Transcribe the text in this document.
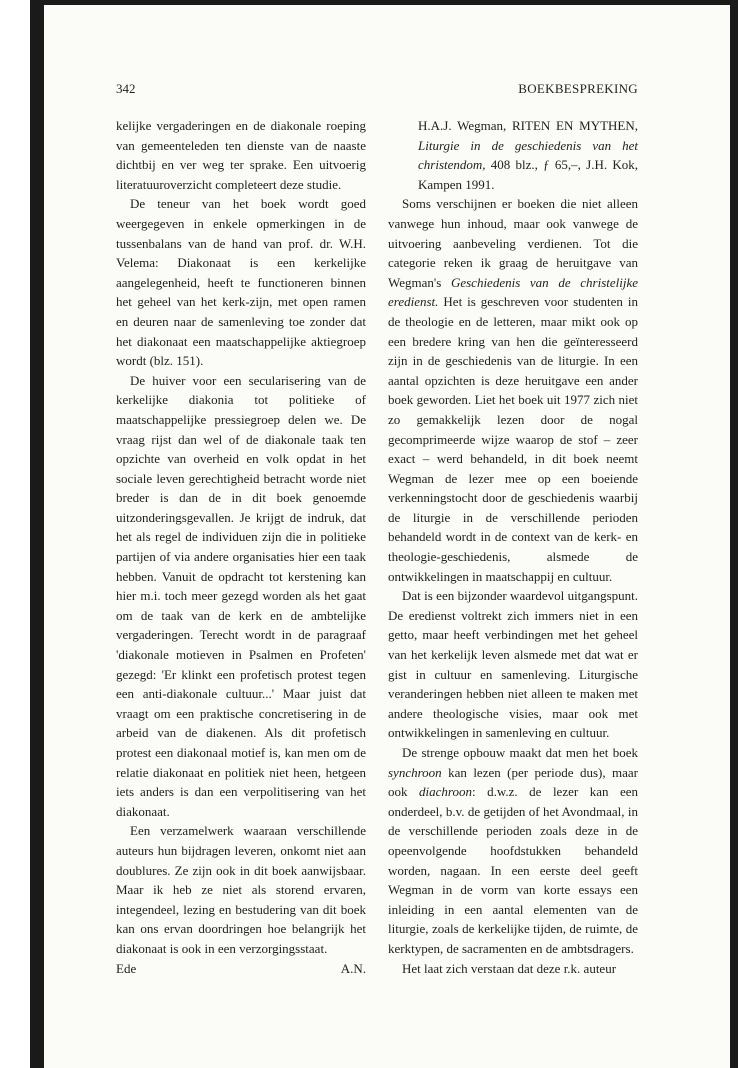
342	BOEKBESPREKING

kelijke vergaderingen en de diakonale roeping van gemeenteleden ten dienste van de naaste dichtbij en ver weg ter sprake. Een uitvoerig literatuuroverzicht completeert deze studie.

De teneur van het boek wordt goed weergegeven in enkele opmerkingen in de tussenbalans van de hand van prof. dr. W.H. Velema: Diakonaat is een kerkelijke aangelegenheid, heeft te functioneren binnen het geheel van het kerk-zijn, met open ramen en deuren naar de samenleving toe zonder dat het diakonaat een maatschappelijke aktiegroep wordt (blz. 151).

De huiver voor een secularisering van de kerkelijke diakonia tot politieke of maatschappelijke pressiegroep delen we. De vraag rijst dan wel of de diakonale taak ten opzichte van overheid en volk opdat in het sociale leven gerechtigheid betracht worde niet breder is dan de in dit boek genoemde uitzonderingsgevallen. Je krijgt de indruk, dat het als regel de individuen zijn die in politieke partijen of via andere organisaties hier een taak hebben. Vanuit de opdracht tot kerstening kan hier m.i. toch meer gezegd worden als het gaat om de taak van de kerk en de ambtelijke vergaderingen. Terecht wordt in de paragraaf 'diakonale motieven in Psalmen en Profeten' gezegd: 'Er klinkt een profetisch protest tegen een anti-diakonale cultuur...' Maar juist dat vraagt om een praktische concretisering in de arbeid van de diakenen. Als dit profetisch protest een diakonaal motief is, kan men om de relatie diakonaat en politiek niet heen, hetgeen iets anders is dan een verpolitisering van het diakonaat.

Een verzamelwerk waaraan verschillende auteurs hun bijdragen leveren, onkomt niet aan doublures. Ze zijn ook in dit boek aanwijsbaar. Maar ik heb ze niet als storend ervaren, integendeel, lezing en bestudering van dit boek kan ons ervan doordringen hoe belangrijk het diakonaat is ook in een verzorgingsstaat.

Ede	A.N.

H.A.J. Wegman, RITEN EN MYTHEN, Liturgie in de geschiedenis van het christendom, 408 blz., ƒ 65,–, J.H. Kok, Kampen 1991.

Soms verschijnen er boeken die niet alleen vanwege hun inhoud, maar ook vanwege de uitvoering aanbeveling verdienen. Tot die categorie reken ik graag de heruitgave van Wegman's Geschiedenis van de christelijke eredienst. Het is geschreven voor studenten in de theologie en de letteren, maar mikt ook op een bredere kring van hen die geïnteresseerd zijn in de geschiedenis van de liturgie. In een aantal opzichten is deze heruitgave een ander boek geworden. Liet het boek uit 1977 zich niet zo gemakkelijk lezen door de nogal gecomprimeerde wijze waarop de stof – zeer exact – werd behandeld, in dit boek neemt Wegman de lezer mee op een boeiende verkenningstocht door de geschiedenis waarbij de liturgie in de verschillende perioden behandeld wordt in de context van de kerk- en theologie-geschiedenis, alsmede de ontwikkelingen in maatschappij en cultuur.

Dat is een bijzonder waardevol uitgangspunt. De eredienst voltrekt zich immers niet in een getto, maar heeft verbindingen met het geheel van het kerkelijk leven alsmede met dat wat er gist in cultuur en samenleving. Liturgische veranderingen hebben niet alleen te maken met andere theologische visies, maar ook met ontwikkelingen in samenleving en cultuur.

De strenge opbouw maakt dat men het boek synchroon kan lezen (per periode dus), maar ook diachroon: d.w.z. de lezer kan een onderdeel, b.v. de getijden of het Avondmaal, in de verschillende perioden zoals deze in de opeenvolgende hoofdstukken behandeld worden, nagaan. In een eerste deel geeft Wegman in de vorm van korte essays een inleiding in een aantal elementen van de liturgie, zoals de kerkelijke tijden, de ruimte, de kerktypen, de sacramenten en de ambtsdragers.

Het laat zich verstaan dat deze r.k. auteur
